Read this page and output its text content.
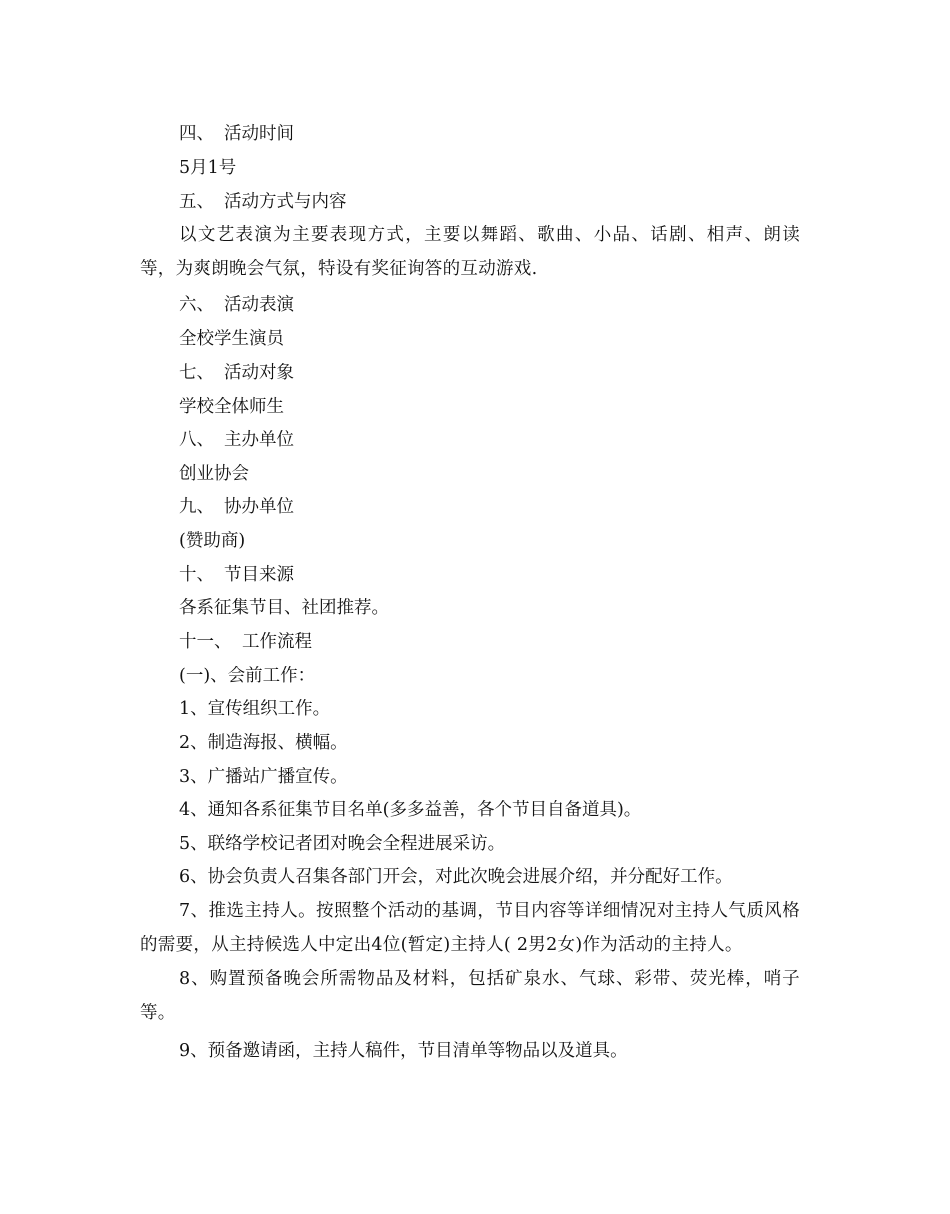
四、 活动时间
5月1号
五、 活动方式与内容
以文艺表演为主要表现方式，主要以舞蹈、歌曲、小品、话剧、相声、朗读等，为爽朗晚会气氛，特设有奖征询答的互动游戏.
六、 活动表演
全校学生演员
七、 活动对象
学校全体师生
八、 主办单位
创业协会
九、 协办单位
(赞助商)
十、 节目来源
各系征集节目、社团推荐。
十一、 工作流程
(一)、会前工作：
1、宣传组织工作。
2、制造海报、横幅。
3、广播站广播宣传。
4、通知各系征集节目名单(多多益善，各个节目自备道具)。
5、联络学校记者团对晚会全程进展采访。
6、协会负责人召集各部门开会，对此次晚会进展介绍，并分配好工作。
7、推选主持人。按照整个活动的基调，节目内容等详细情况对主持人气质风格的需要，从主持候选人中定出4位(暂定)主持人( 2男2女)作为活动的主持人。
8、购置预备晚会所需物品及材料，包括矿泉水、气球、彩带、荧光棒，哨子等。
9、预备邀请函，主持人稿件，节目清单等物品以及道具。
